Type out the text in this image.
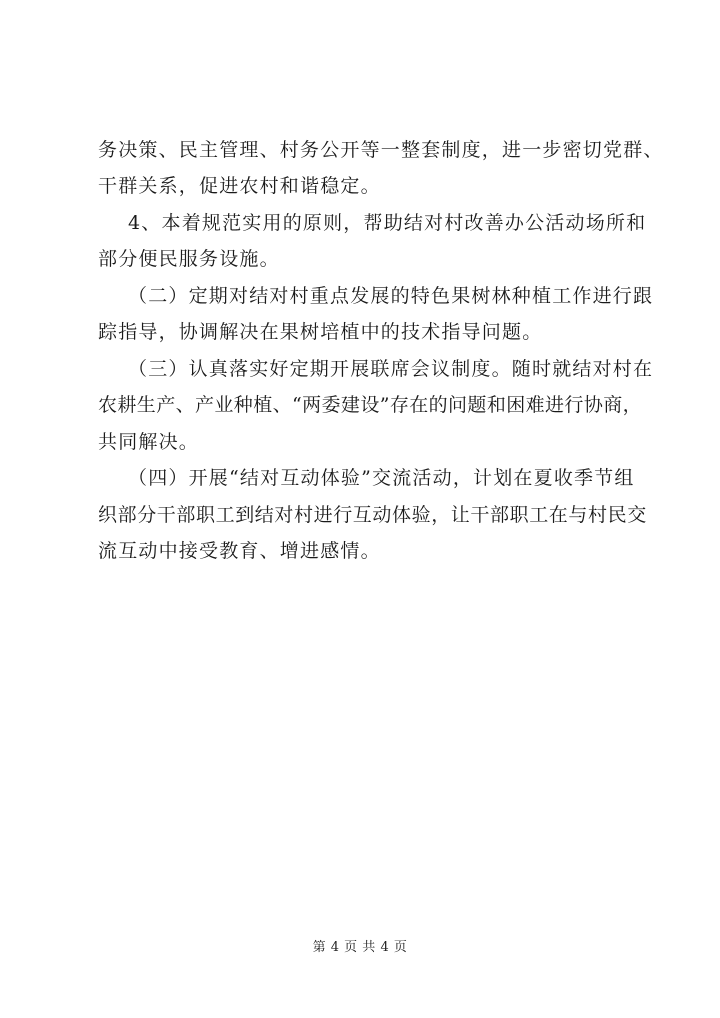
务决策、民主管理、村务公开等一整套制度，进一步密切党群、
干群关系，促进农村和谐稳定。
4、本着规范实用的原则，帮助结对村改善办公活动场所和
部分便民服务设施。
（二）定期对结对村重点发展的特色果树林种植工作进行跟
踪指导，协调解决在果树培植中的技术指导问题。
（三）认真落实好定期开展联席会议制度。随时就结对村在
农耕生产、产业种植、“两委建设”存在的问题和困难进行协商，
共同解决。
（四）开展“结对互动体验”交流活动，计划在夏收季节组
织部分干部职工到结对村进行互动体验，让干部职工在与村民交
流互动中接受教育、增进感情。
第 4 页 共 4 页
